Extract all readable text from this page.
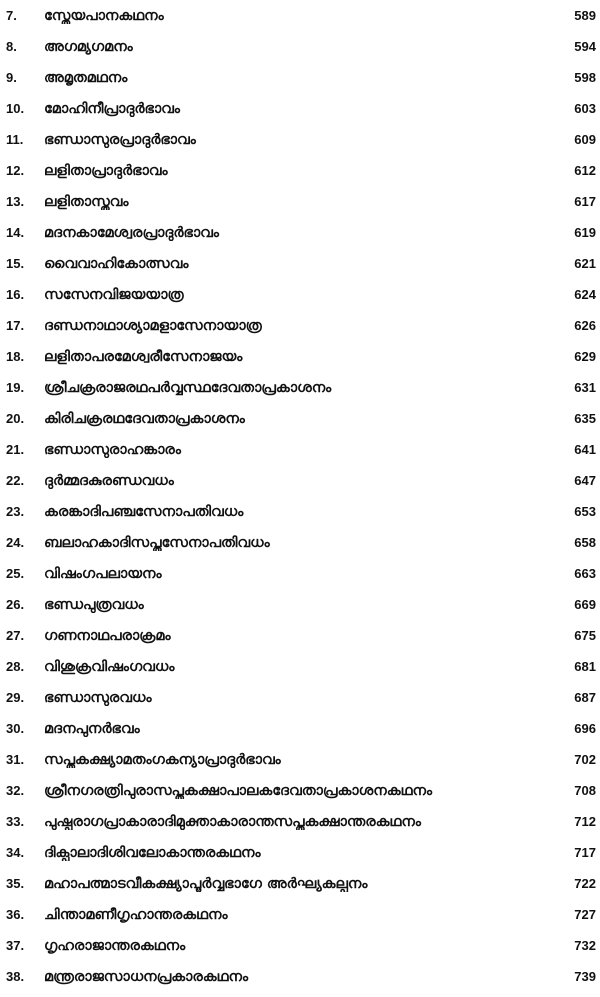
7.	സ്തേയപാനകഥനം	589
8.	അഗമ്യഗമനം	594
9.	അമൃതമഥനം	598
10.	മോഹിനീപ്രാദുർഭാവം	603
11.	ഭണ്ഡാസുരപ്രാദുർഭാവം	609
12.	ലളിതാപ്രാദുർഭാവം	612
13.	ലളിതാസ്തവം	617
14.	മദനകാമേശ്വരപ്രാദുർഭാവം	619
15.	വൈവാഹികോത്സവം	621
16.	സസേനവിജയയാത്ര	624
17.	ദണ്ഡനാഥാശ്യാമളാസേനായാത്ര	626
18.	ലളിതാപരമേശ്വരീസേനാജയം	629
19.	ശ്രീചക്രരാജരഥപർവ്വസ്ഥദേവതാപ്രകാശനം	631
20.	കിരിചക്രരഥദേവതാപ്രകാശനം	635
21.	ഭണ്ഡാസുരാഹങ്കാരം	641
22.	ദുർമ്മദകുരണ്ഡവധം	647
23.	കരങ്കാദിപഞ്ചസേനാപതിവധം	653
24.	ബലാഹകാദിസപ്തസേനാപതിവധം	658
25.	വിഷംഗപലായനം	663
26.	ഭണ്ഡപുത്രവധം	669
27.	ഗണനാഥപരാക്രമം	675
28.	വിശുക്രവിഷംഗവധം	681
29.	ഭണ്ഡാസുരവധം	687
30.	മദനപുനർഭവം	696
31.	സപ്തകക്ഷ്യാമതംഗകന്യാപ്രാദുർഭാവം	702
32.	ശ്രീനഗരത്രിപുരാസപ്തകക്ഷാപാലകദേവതാപ്രകാശനകഥനം	708
33.	പുഷ്പരാഗപ്രാകാരാദിമുക്താകാരാന്തസപ്തകക്ഷാന്തരകഥനം	712
34.	ദിക്പാലാദിശിവലോകാന്തരകഥനം	717
35.	മഹാപത്മാടവീകക്ഷ്യാപൂർവ്വഭാഗേ അർഘ്യകല്പനം	722
36.	ചിന്താമണീഗൃഹാന്തരകഥനം	727
37.	ഗൃഹരാജാന്തരകഥനം	732
38.	മന്ത്രരാജസാധനപ്രകാരകഥനം	739
